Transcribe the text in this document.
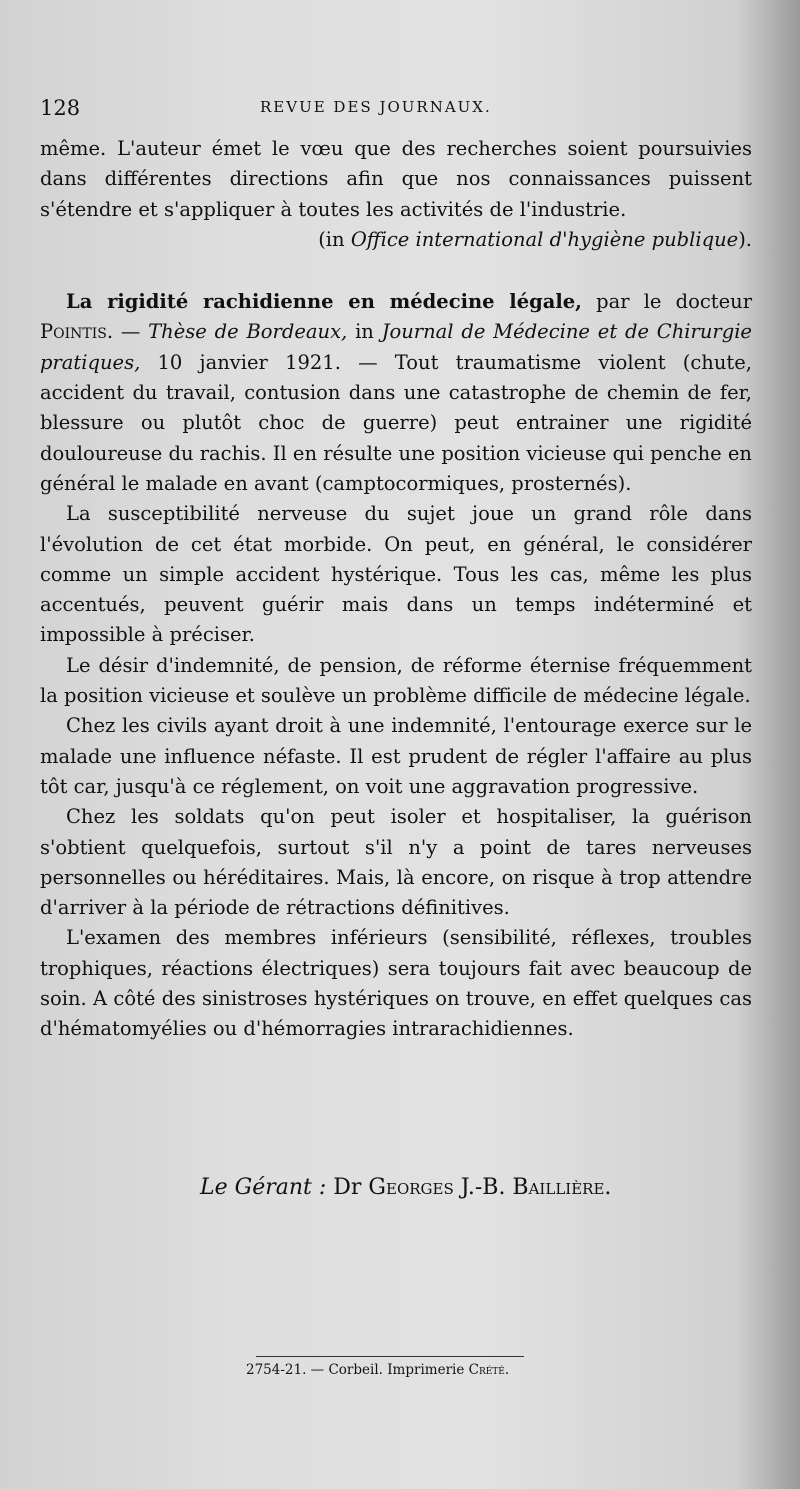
128	REVUE DES JOURNAUX.

même. L'auteur émet le vœu que des recherches soient poursuivies dans différentes directions afin que nos connaissances puissent s'étendre et s'appliquer à toutes les activités de l'industrie.

(in Office international d'hygiène publique).

La rigidité rachidienne en médecine légale, par le docteur Pointis. — Thèse de Bordeaux, in Journal de Médecine et de Chirurgie pratiques, 10 janvier 1921. — Tout traumatisme violent (chute, accident du travail, contusion dans une catastrophe de chemin de fer, blessure ou plutôt choc de guerre) peut entrainer une rigidité douloureuse du rachis. Il en résulte une position vicieuse qui penche en général le malade en avant (camptocormiques, prosternés).

La susceptibilité nerveuse du sujet joue un grand rôle dans l'évolution de cet état morbide. On peut, en général, le considérer comme un simple accident hystérique. Tous les cas, même les plus accentués, peuvent guérir mais dans un temps indéterminé et impossible à préciser.

Le désir d'indemnité, de pension, de réforme éternise fréquemment la position vicieuse et soulève un problème difficile de médecine légale.

Chez les civils ayant droit à une indemnité, l'entourage exerce sur le malade une influence néfaste. Il est prudent de régler l'affaire au plus tôt car, jusqu'à ce réglement, on voit une aggravation progressive.

Chez les soldats qu'on peut isoler et hospitaliser, la guérison s'obtient quelquefois, surtout s'il n'y a point de tares nerveuses personnelles ou héréditaires. Mais, là encore, on risque à trop attendre d'arriver à la période de rétractions définitives.

L'examen des membres inférieurs (sensibilité, réflexes, troubles trophiques, réactions électriques) sera toujours fait avec beaucoup de soin. A côté des sinistroses hystériques on trouve, en effet quelques cas d'hématomyélies ou d'hémorragies intrarachidiennes.

Le Gérant : Dr Georges J.-B. Baillière.
2754-21. — Corbeil. Imprimerie Crété.
